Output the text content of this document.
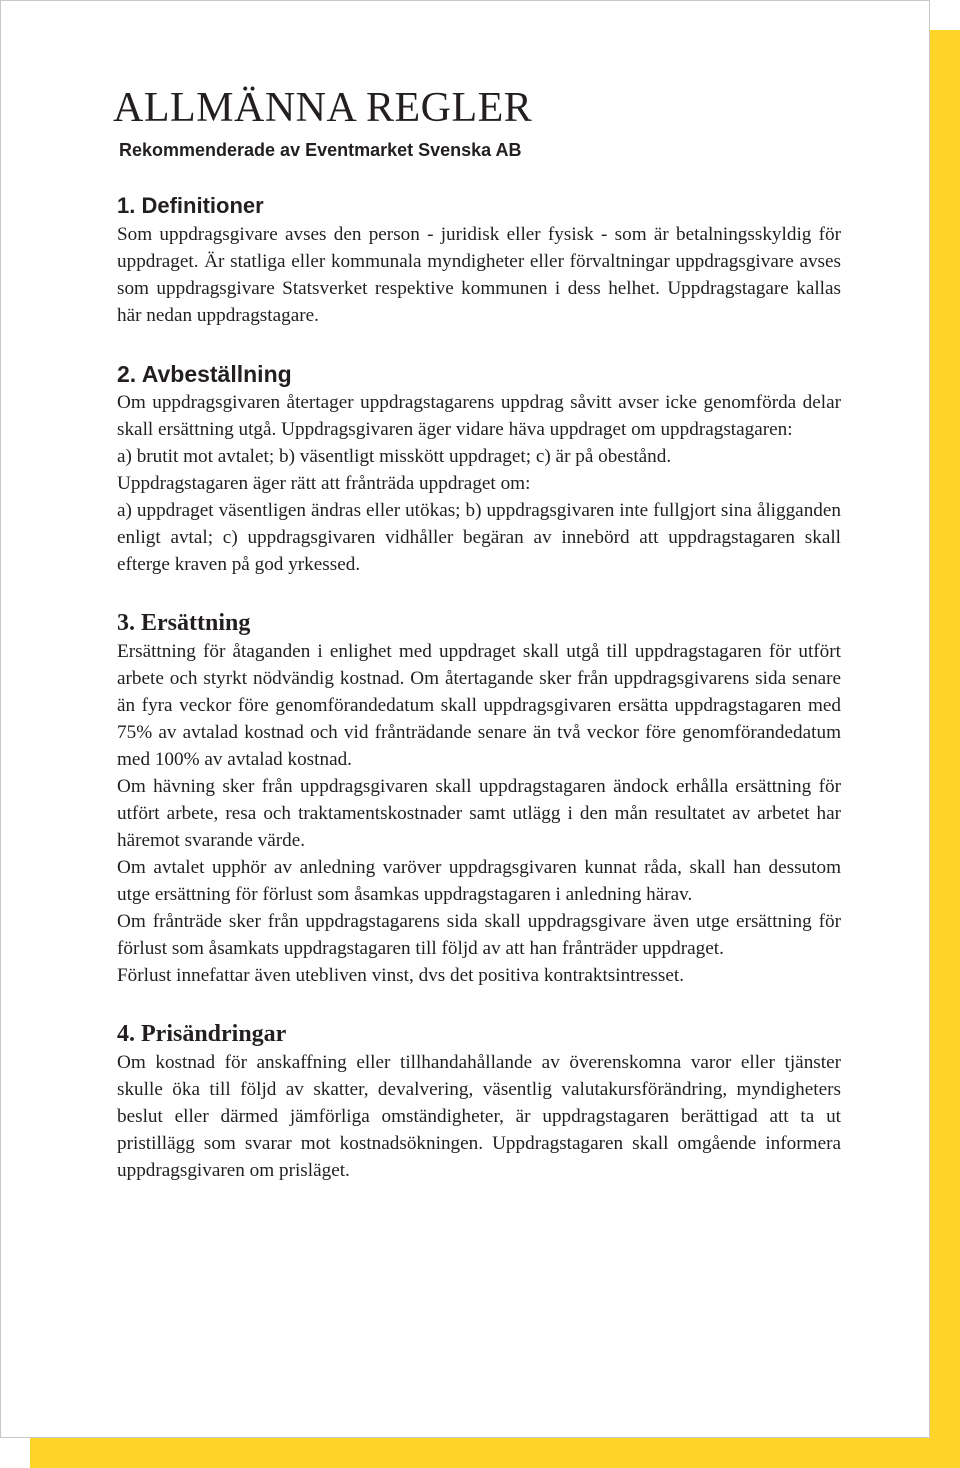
ALLMÄNNA REGLER
Rekommenderade av Eventmarket Svenska AB
1. Definitioner

Som uppdragsgivare avses den person - juridisk eller fysisk - som är betalningsskyldig för uppdraget. Är statliga eller kommunala myndigheter eller förvaltningar uppdragsgivare avses som uppdragsgivare Statsverket respektive kommunen i dess helhet. Uppdragstagare kallas här nedan uppdragstagare.

2. Avbeställning

Om uppdragsgivaren återtager uppdragstagarens uppdrag såvitt avser icke genomförda delar skall ersättning utgå. Uppdragsgivaren äger vidare häva uppdraget om uppdragstagaren:

a) brutit mot avtalet; b) väsentligt misskött uppdraget; c) är på obestånd.

Uppdragstagaren äger rätt att frånträda uppdraget om:

a) uppdraget väsentligen ändras eller utökas; b) uppdragsgivaren inte fullgjort sina åligganden enligt avtal; c) uppdragsgivaren vidhåller begäran av innebörd att uppdragstagaren skall efterge kraven på god yrkessed.

3. Ersättning

Ersättning för åtaganden i enlighet med uppdraget skall utgå till uppdragstagaren för utfört arbete och styrkt nödvändig kostnad. Om återtagande sker från uppdragsgivarens sida senare än fyra veckor före genomförandedatum skall uppdragsgivaren ersätta uppdragstagaren med 75% av avtalad kostnad och vid frånträdande senare än två veckor före genomförandedatum med 100% av avtalad kostnad.

Om hävning sker från uppdragsgivaren skall uppdragstagaren ändock erhålla ersättning för utfört arbete, resa och traktamentskostnader samt utlägg i den mån resultatet av arbetet har häremot svarande värde.

Om avtalet upphör av anledning varöver uppdragsgivaren kunnat råda, skall han dessutom utge ersättning för förlust som åsamkas uppdragstagaren i anledning härav.

Om frånträde sker från uppdragstagarens sida skall uppdragsgivare även utge ersättning för förlust som åsamkats uppdragstagaren till följd av att han frånträder uppdraget.

Förlust innefattar även utebliven vinst, dvs det positiva kontraktsintresset.

4. Prisändringar

Om kostnad för anskaffning eller tillhandahållande av överenskomna varor eller tjänster skulle öka till följd av skatter, devalvering, väsentlig valutakursförändring, myndigheters beslut eller därmed jämförliga omständigheter, är uppdragstagaren berättigad att ta ut pristillägg som svarar mot kostnadsökningen. Uppdragstagaren skall omgående informera uppdragsgivaren om prisläget.
